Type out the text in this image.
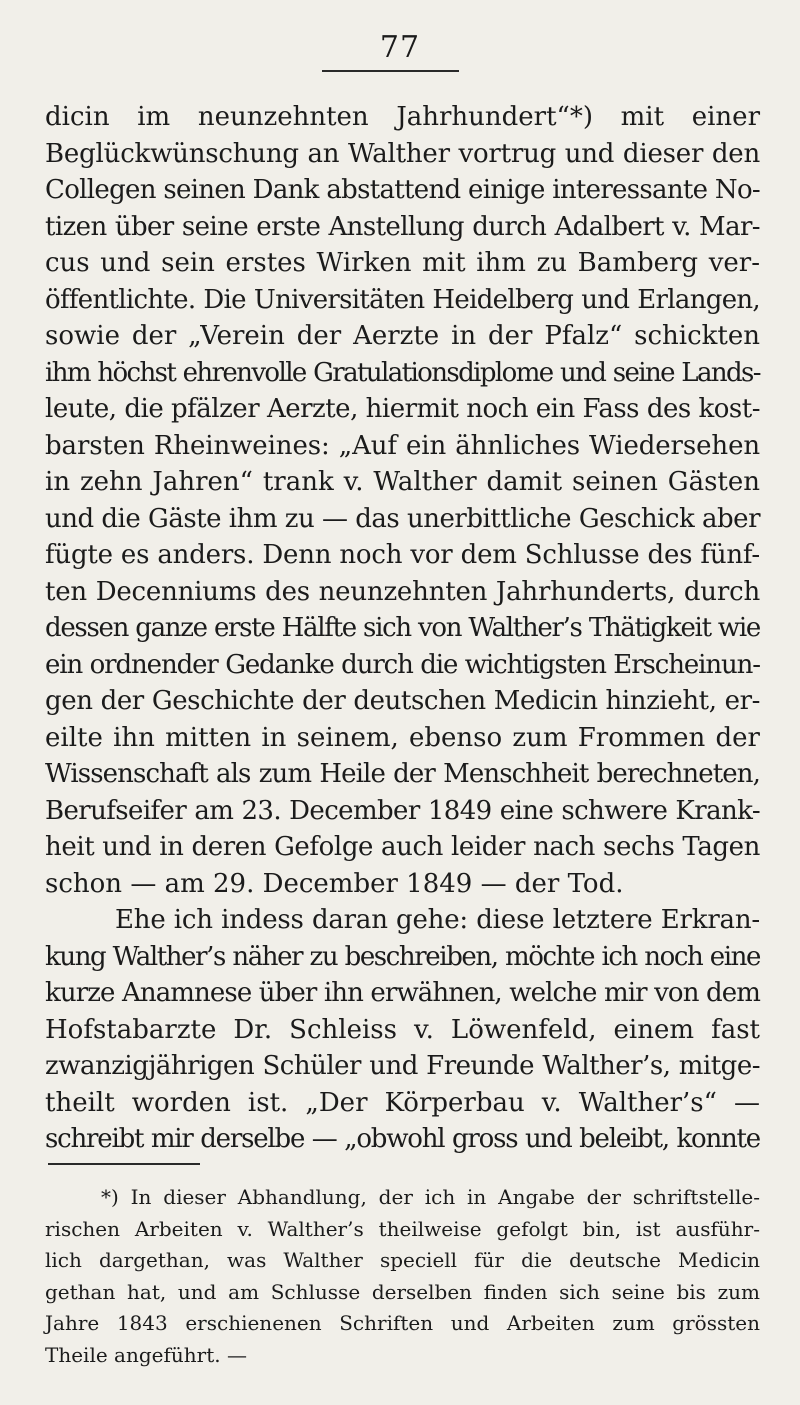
77
dicin im neunzehnten Jahrhundert“*) mit einer
Beglückwünschung an Walther vortrug und dieser den
Collegen seinen Dank abstattend einige interessante No-
tizen über seine erste Anstellung durch Adalbert v. Mar-
cus und sein erstes Wirken mit ihm zu Bamberg ver-
öffentlichte. Die Universitäten Heidelberg und Erlangen,
sowie der „Verein der Aerzte in der Pfalz“ schickten
ihm höchst ehrenvolle Gratulationsdiplome und seine Lands-
leute, die pfälzer Aerzte, hiermit noch ein Fass des kost-
barsten Rheinweines: „Auf ein ähnliches Wiedersehen
in zehn Jahren“ trank v. Walther damit seinen Gästen
und die Gäste ihm zu — das unerbittliche Geschick aber
fügte es anders. Denn noch vor dem Schlusse des fünf-
ten Decenniums des neunzehnten Jahrhunderts, durch
dessen ganze erste Hälfte sich von Walther’s Thätigkeit wie
ein ordnender Gedanke durch die wichtigsten Erscheinun-
gen der Geschichte der deutschen Medicin hinzieht, er-
eilte ihn mitten in seinem, ebenso zum Frommen der
Wissenschaft als zum Heile der Menschheit berechneten,
Berufseifer am 23. December 1849 eine schwere Krank-
heit und in deren Gefolge auch leider nach sechs Tagen
schon — am 29. December 1849 — der Tod.
Ehe ich indess daran gehe: diese letztere Erkran-
kung Walther’s näher zu beschreiben, möchte ich noch eine
kurze Anamnese über ihn erwähnen, welche mir von dem
Hofstabarzte Dr. Schleiss v. Löwenfeld, einem fast
zwanzigjährigen Schüler und Freunde Walther’s, mitge-
theilt worden ist. „Der Körperbau v. Walther’s“ —
schreibt mir derselbe — „obwohl gross und beleibt, konnte
*) In dieser Abhandlung, der ich in Angabe der schriftstelle-
rischen Arbeiten v. Walther’s theilweise gefolgt bin, ist ausführ-
lich dargethan, was Walther speciell für die deutsche Medicin
gethan hat, und am Schlusse derselben finden sich seine bis zum
Jahre 1843 erschienenen Schriften und Arbeiten zum grössten
Theile angeführt. —
